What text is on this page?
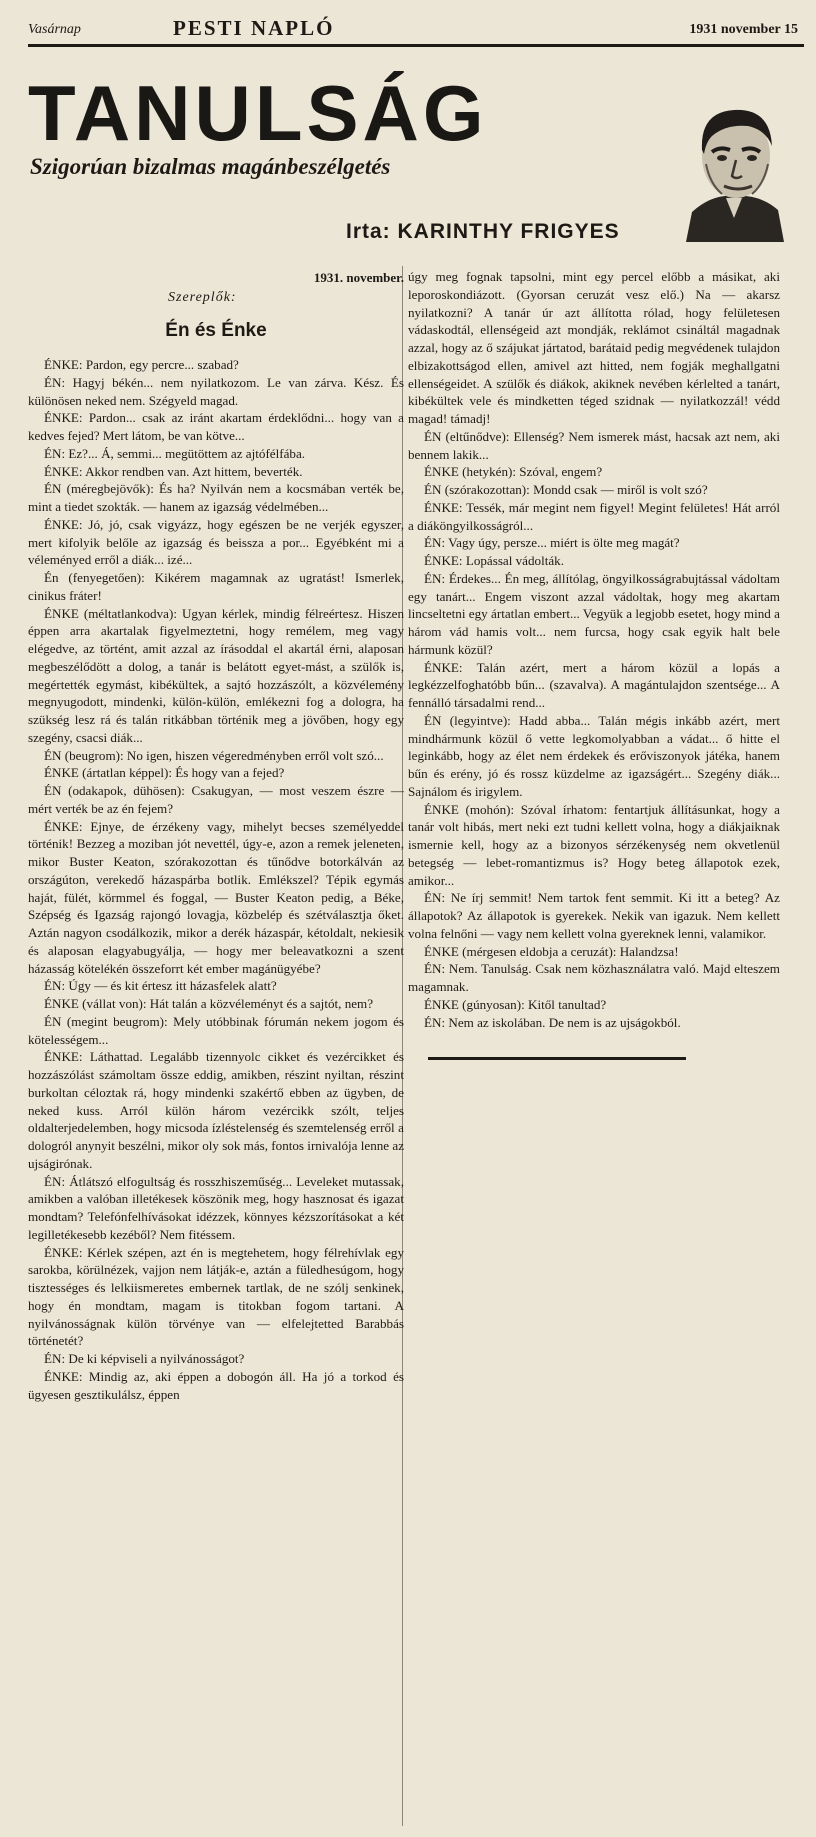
Vasárnap	PESTI NAPLÓ	1931 november 15
TANULSÁG
Szigorúan bizalmas magánbeszélgetés
Irta: KARINTHY FRIGYES
1931. november.
Szereplők:
Én és Énke

ÉNKE: Pardon, egy percre... szabad?

ÉN: Hagyj békén... nem nyilatkozom. Le van zárva. Kész. És különösen neked nem. Szégyeld magad.

ÉNKE: Pardon... csak az iránt akartam érdeklődni... hogy van a kedves fejed? Mert látom, be van kötve...

ÉN: Ez?... Á, semmi... megütöttem az ajtófélfába.

ÉNKE: Akkor rendben van. Azt hittem, beverték.

ÉN (méregbejövők): És ha? Nyilván nem a kocsmában verték be, mint a tiedet szokták. — hanem az igazság védelmében...

ÉNKE: Jó, jó, csak vigyázz, hogy egészen be ne verjék egyszer, mert kifolyik belőle az igazság és beissza a por... Egyébként mi a véleményed erről a diák... izé...

Én (fenyegetően): Kikérem magamnak az ugratást! Ismerlek, cinikus fráter!

ÉNKE (méltatlankodva): Ugyan kérlek, mindig félreértesz. Hiszen éppen arra akartalak figyelmeztetni, hogy remélem, meg vagy elégedve, az történt, amit azzal az írásoddal el akartál érni, alaposan megbeszélődött a dolog, a tanár is belátott egyet-mást, a szülők is, megértették egymást, kibékültek, a sajtó hozzászólt, a közvélemény megnyugodott, mindenki, külön-külön, emlékezni fog a dologra, ha szükség lesz rá és talán ritkábban történik meg a jövőben, hogy egy szegény, csacsi diák...

ÉN (beugrom): No igen, hiszen végeredményben erről volt szó...

ÉNKE (ártatlan képpel): És hogy van a fejed?

ÉN (odakapok, dühösen): Csakugyan, — most veszem észre — mért verték be az én fejem?

ÉNKE: Ejnye, de érzékeny vagy, mihelyt becses személyeddel történik! Bezzeg a moziban jót nevettél, úgy-e, azon a remek jeleneten, mikor Buster Keaton, szórakozottan és tűnődve botorkálván az országúton, verekedő házaspárba botlik. Emlékszel? Tépik egymás haját, fülét, körmmel és foggal, — Buster Keaton pedig, a Béke, Szépség és Igazság rajongó lovagja, közbelép és szétválasztja őket. Aztán nagyon csodálkozik, mikor a derék házaspár, kétoldalt, nekiesik és alaposan elagyabugyálja, — hogy mer beleavatkozni a szent házasság kötelékén összeforrt két ember magánügyébe?

ÉN: Úgy — és kit értesz itt házasfelek alatt?

ÉNKE (vállat von): Hát talán a közvéleményt és a sajtót, nem?

ÉN (megint beugrom): Mely utóbbinak fórumán nekem jogom és kötelességem...

ÉNKE: Láthattad. Legalább tizennyolc cikket és vezércikket és hozzászólást számoltam össze eddig, amikben, részint nyiltan, részint burkoltan céloztak rá, hogy mindenki szakértő ebben az ügyben, de neked kuss. Arról külön három vezércikk szólt, teljes oldalterjedelemben, hogy micsoda ízléstelenség és szemtelenség erről a dologról anynyit beszélni, mikor oly sok más, fontos irnivalója lenne az ujságirónak.

ÉN: Átlátszó elfogultság és rosszhiszeműség... Leveleket mutassak, amikben a valóban illetékesek köszönik meg, hogy hasznosat és igazat mondtam? Telefónfelhívásokat idézzek, könnyes kézszorításokat a két legilletékesebb kezéből? Nem fitéssem.

ÉNKE: Kérlek szépen, azt én is megtehetem, hogy félrehívlak egy sarokba, körülnézek, vajjon nem látják-e, aztán a füledhesúgom, hogy tisztességes és lelkiismeretes embernek tartlak, de ne szólj senkinek, hogy én mondtam, magam is titokban fogom tartani. A nyilvánosságnak külön törvénye van — elfelejtetted Barabbás történetét?

ÉN: De ki képviseli a nyilvánosságot?

ÉNKE: Mindig az, aki éppen a dobogón áll. Ha jó a torkod és ügyesen gesztikulálsz, éppen

úgy meg fognak tapsolni, mint egy percel előbb a másikat, aki leporoskondiázott. (Gyorsan ceruzát vesz elő.) Na — akarsz nyilatkozni? A tanár úr azt állította rólad, hogy felületesen vádaskodtál, ellenségeid azt mondják, reklámot csináltál magadnak azzal, hogy az ő szájukat jártatod, barátaid pedig megvédenek tulajdon elbizakottságod ellen, amivel azt hitted, nem fogják meghallgatni ellenségeidet. A szülők és diákok, akiknek nevében kérlelted a tanárt, kibékültek vele és mindketten téged szidnak — nyilatkozzál! védd magad! támadj!

ÉN (eltűnődve): Ellenség? Nem ismerek mást, hacsak azt nem, aki bennem lakik...

ÉNKE (hetykén): Szóval, engem?

ÉN (szórakozottan): Mondd csak — miről is volt szó?

ÉNKE: Tessék, már megint nem figyel! Megint felületes! Hát arról a diáköngyilkosságról...

ÉN: Vagy úgy, persze... miért is ölte meg magát?

ÉNKE: Lopással vádolták.

ÉN: Érdekes... Én meg, állítólag, öngyilkosságrabujtással vádoltam egy tanárt... Engem viszont azzal vádoltak, hogy meg akartam lincseltetni egy ártatlan embert... Vegyük a legjobb esetet, hogy mind a három vád hamis volt... nem furcsa, hogy csak egyik halt bele hármunk közül?

ÉNKE: Talán azért, mert a három közül a lopás a legkézzelfoghatóbb bűn... (szavalva). A magántulajdon szentsége... A fennálló társadalmi rend...

ÉN (legyintve): Hadd abba... Talán mégis inkább azért, mert mindhármunk közül ő vette legkomolyabban a vádat... ő hitte el leginkább, hogy az élet nem érdekek és erőviszonyok játéka, hanem bűn és erény, jó és rossz küzdelme az igazságért... Szegény diák... Sajnálom és irigylem.

ÉNKE (mohón): Szóval írhatom: fentartjuk állításunkat, hogy a tanár volt hibás, mert neki ezt tudni kellett volna, hogy a diákjaiknak ismernie kell, hogy az a bizonyos sérzékenység nem okvetlenül betegség — lebet-romantizmus is? Hogy beteg állapotok ezek, amikor...

ÉN: Ne írj semmit! Nem tartok fent semmit. Ki itt a beteg? Az állapotok? Az állapotok is gyerekek. Nekik van igazuk. Nem kellett volna felnőni — vagy nem kellett volna gyereknek lenni, valamikor.

ÉNKE (mérgesen eldobja a ceruzát): Halandzsa!

ÉN: Nem. Tanulság. Csak nem közhasználatra való. Majd elteszem magamnak.

ÉNKE (gúnyosan): Kitől tanultad?

ÉN: Nem az iskolában. De nem is az ujságokból.
